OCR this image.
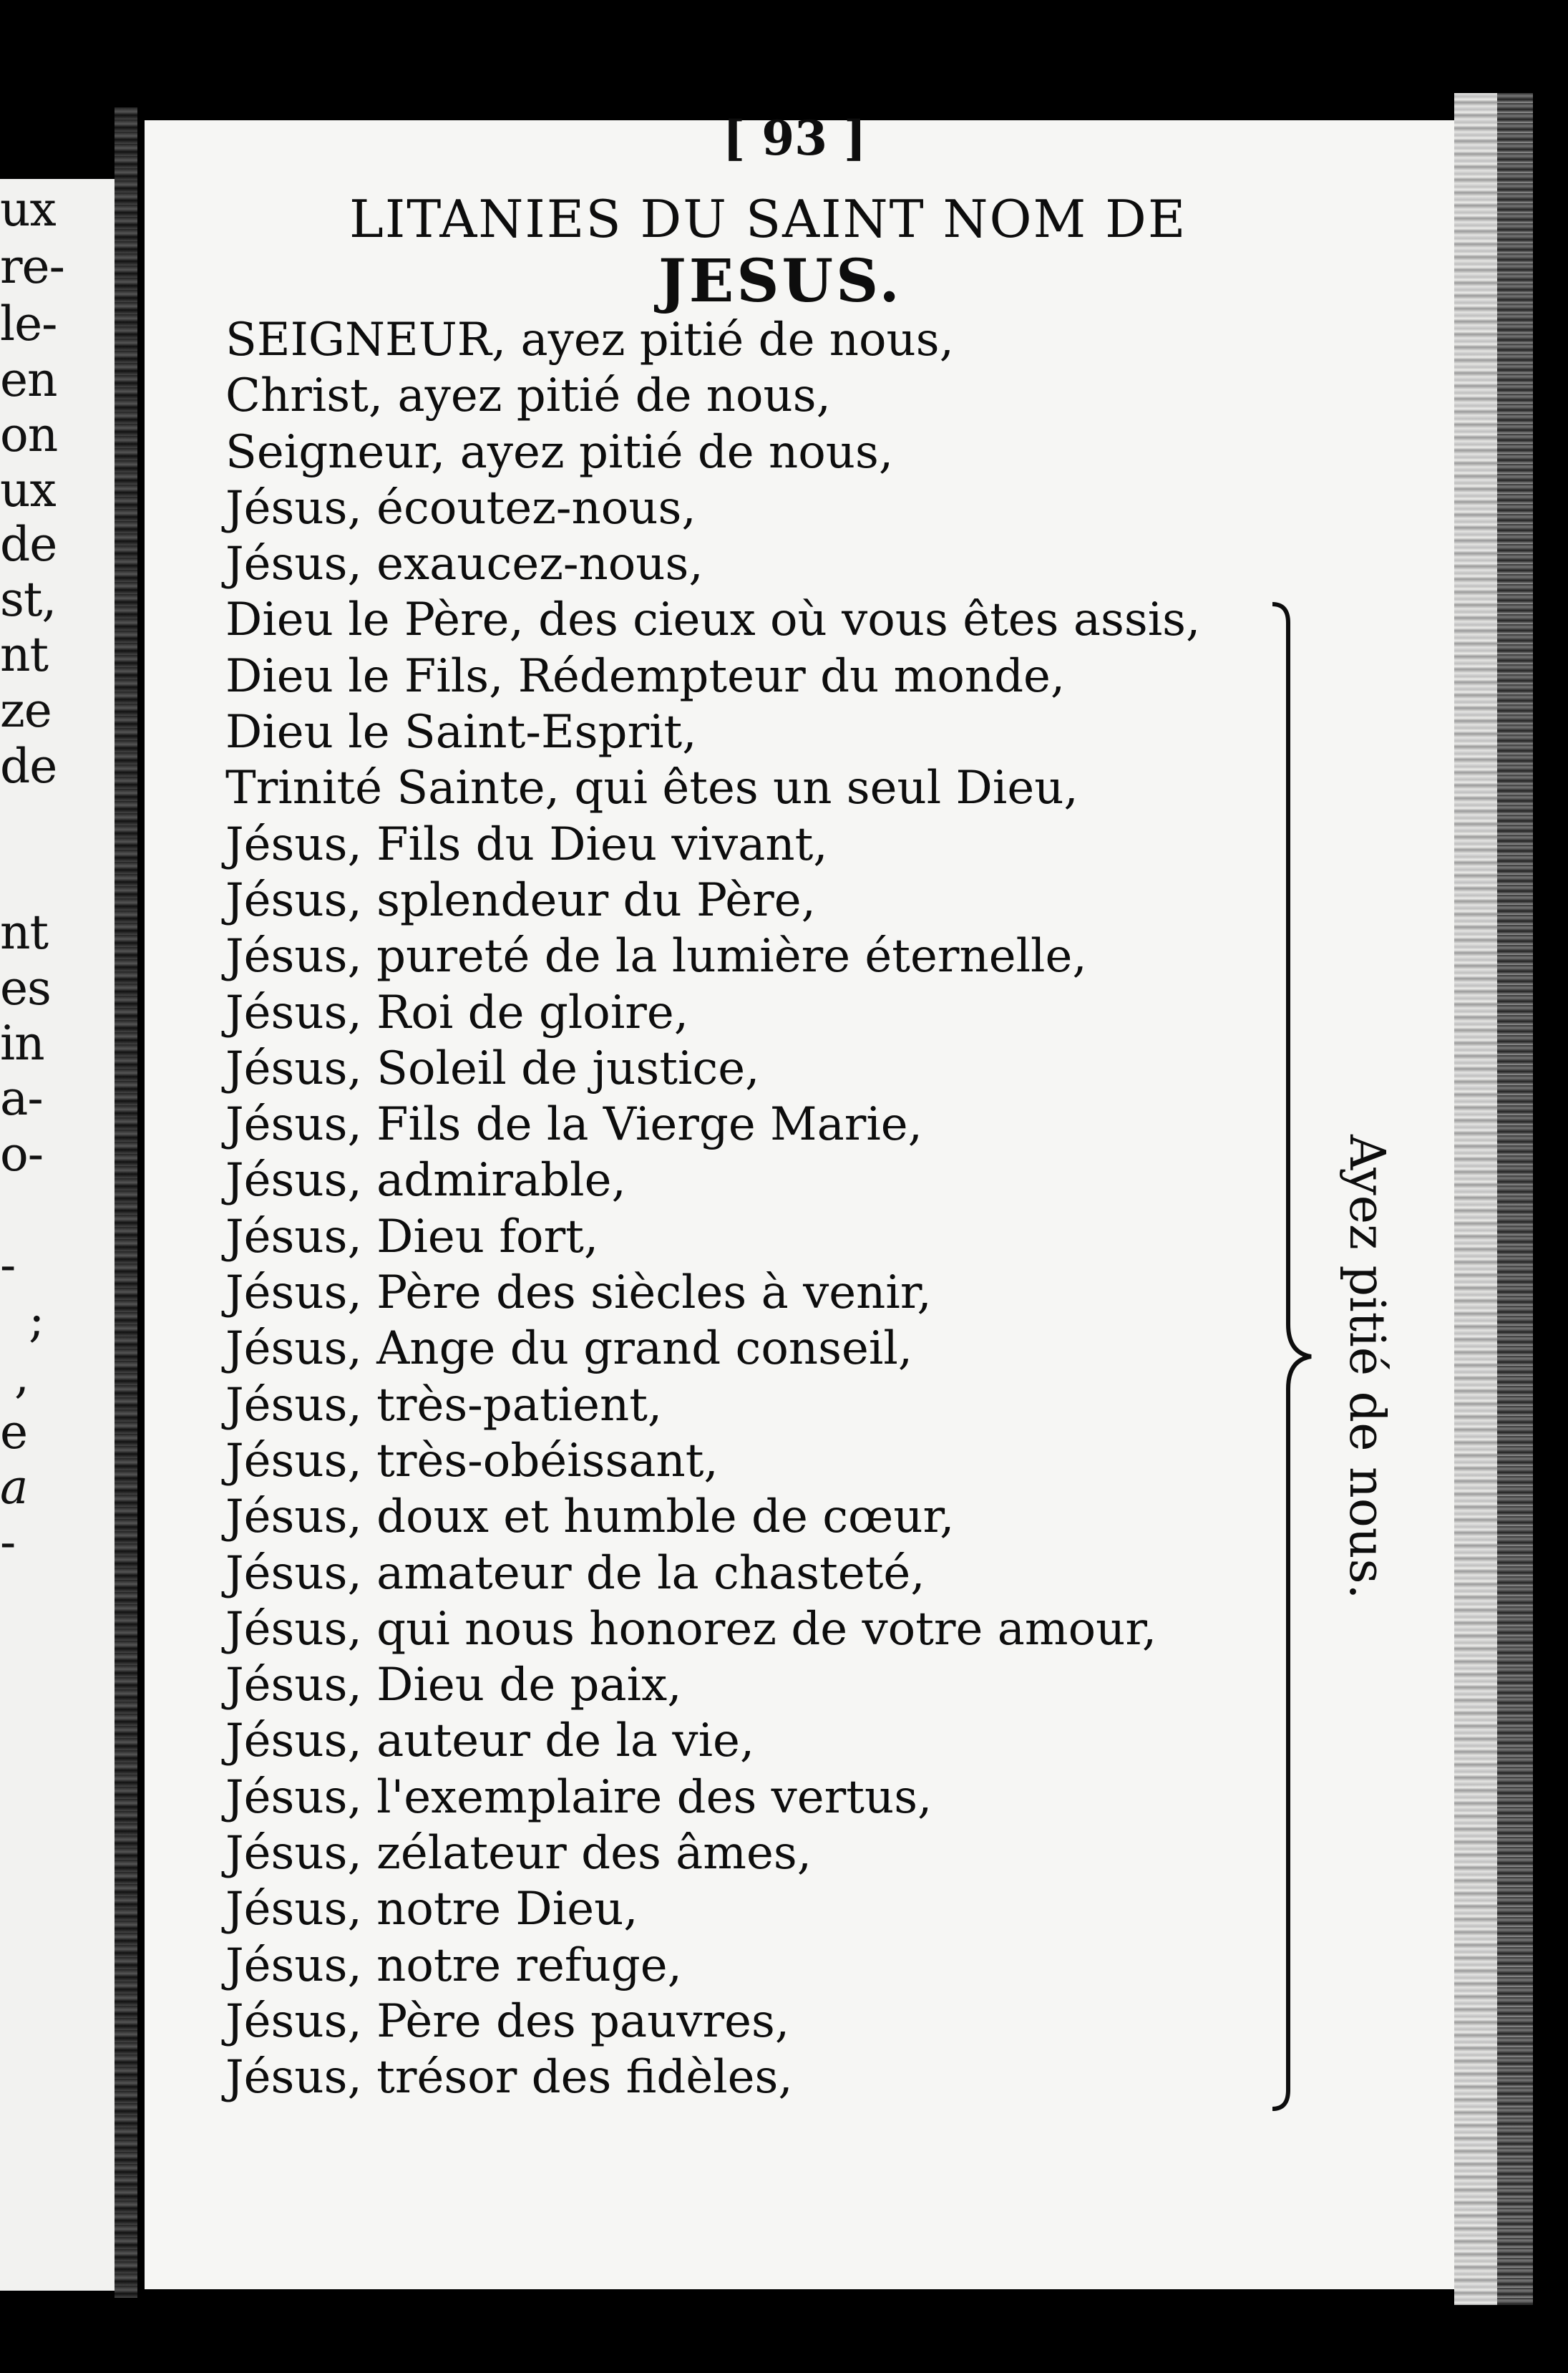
ux
re-
le-
en
on
ux
de
st,
nt
ze
de
nt
es
in
a-
o-
-
;
,
e
a
-
[ 93 ]
LITANIES DU SAINT NOM DE
JESUS.
SEIGNEUR, ayez pitié de nous,
Christ, ayez pitié de nous,
Seigneur, ayez pitié de nous,
Jésus, écoutez-nous,
Jésus, exaucez-nous,
Dieu le Père, des cieux où vous êtes assis,
Dieu le Fils, Rédempteur du monde,
Dieu le Saint-Esprit,
Trinité Sainte, qui êtes un seul Dieu,
Jésus, Fils du Dieu vivant,
Jésus, splendeur du Père,
Jésus, pureté de la lumière éternelle,
Jésus, Roi de gloire,
Jésus, Soleil de justice,
Jésus, Fils de la Vierge Marie,
Jésus, admirable,
Jésus, Dieu fort,
Jésus, Père des siècles à venir,
Jésus, Ange du grand conseil,
Jésus, très-patient,
Jésus, très-obéissant,
Jésus, doux et humble de cœur,
Jésus, amateur de la chasteté,
Jésus, qui nous honorez de votre amour,
Jésus, Dieu de paix,
Jésus, auteur de la vie,
Jésus, l'exemplaire des vertus,
Jésus, zélateur des âmes,
Jésus, notre Dieu,
Jésus, notre refuge,
Jésus, Père des pauvres,
Jésus, trésor des fidèles,
Ayez pitié de nous.
